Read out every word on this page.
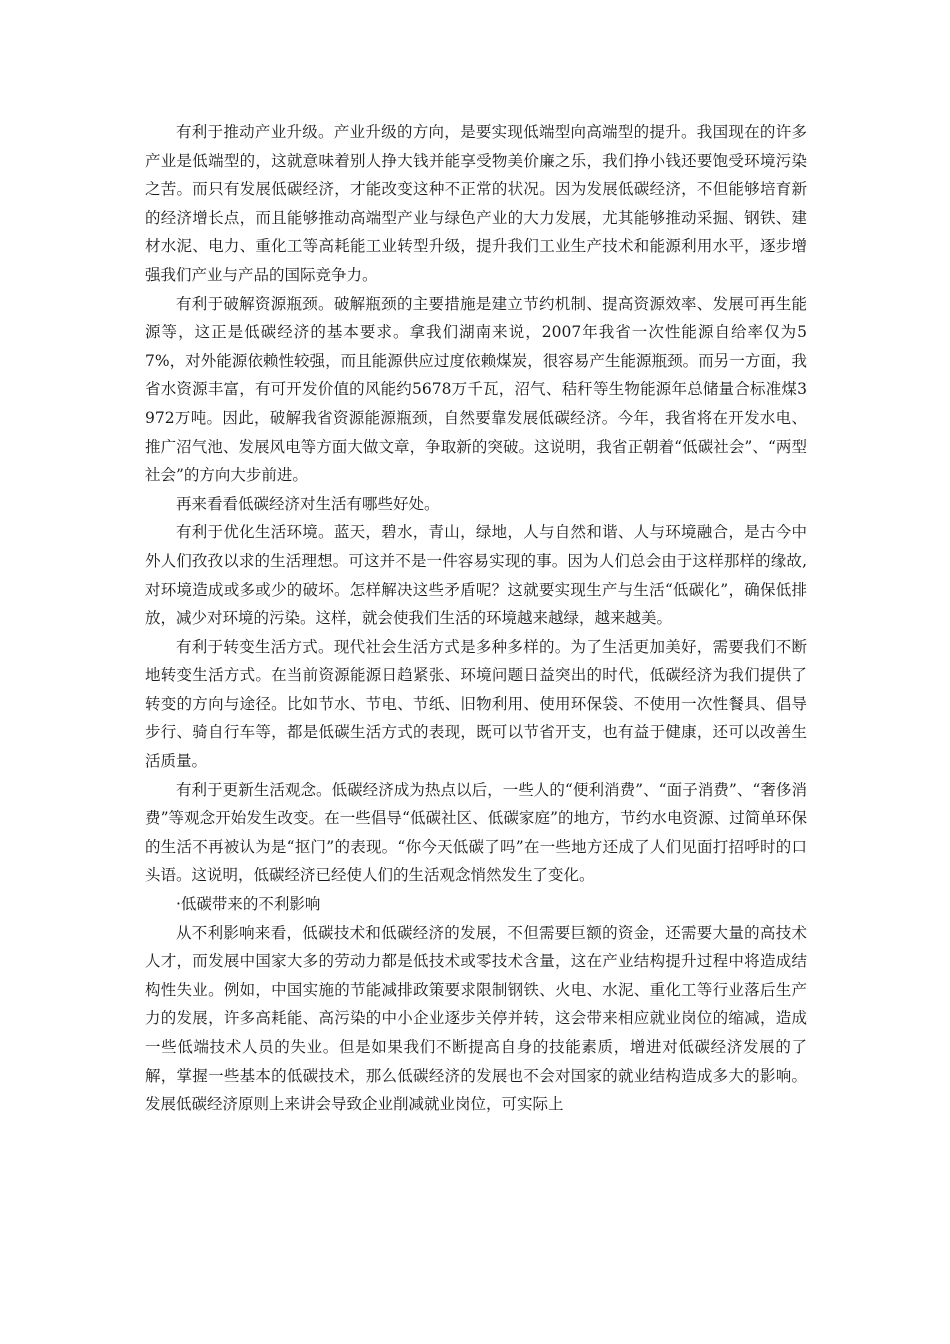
有利于推动产业升级。产业升级的方向，是要实现低端型向高端型的提升。我国现在的许多产业是低端型的，这就意味着别人挣大钱并能享受物美价廉之乐，我们挣小钱还要饱受环境污染之苦。而只有发展低碳经济，才能改变这种不正常的状况。因为发展低碳经济，不但能够培育新的经济增长点，而且能够推动高端型产业与绿色产业的大力发展，尤其能够推动采掘、钢铁、建材水泥、电力、重化工等高耗能工业转型升级，提升我们工业生产技术和能源利用水平，逐步增强我们产业与产品的国际竞争力。

有利于破解资源瓶颈。破解瓶颈的主要措施是建立节约机制、提高资源效率、发展可再生能源等，这正是低碳经济的基本要求。拿我们湖南来说，2007年我省一次性能源自给率仅为57%，对外能源依赖性较强，而且能源供应过度依赖煤炭，很容易产生能源瓶颈。而另一方面，我省水资源丰富，有可开发价值的风能约5678万千瓦，沼气、秸秆等生物能源年总储量合标准煤3972万吨。因此，破解我省资源能源瓶颈，自然要靠发展低碳经济。今年，我省将在开发水电、推广沼气池、发展风电等方面大做文章，争取新的突破。这说明，我省正朝着“低碳社会”、“两型社会”的方向大步前进。

再来看看低碳经济对生活有哪些好处。

有利于优化生活环境。蓝天，碧水，青山，绿地，人与自然和谐、人与环境融合，是古今中外人们孜孜以求的生活理想。可这并不是一件容易实现的事。因为人们总会由于这样那样的缘故,对环境造成或多或少的破坏。怎样解决这些矛盾呢？这就要实现生产与生活“低碳化”，确保低排放，减少对环境的污染。这样，就会使我们生活的环境越来越绿，越来越美。

有利于转变生活方式。现代社会生活方式是多种多样的。为了生活更加美好，需要我们不断地转变生活方式。在当前资源能源日趋紧张、环境问题日益突出的时代，低碳经济为我们提供了转变的方向与途径。比如节水、节电、节纸、旧物利用、使用环保袋、不使用一次性餐具、倡导步行、骑自行车等，都是低碳生活方式的表现，既可以节省开支，也有益于健康，还可以改善生活质量。

有利于更新生活观念。低碳经济成为热点以后，一些人的“便利消费”、“面子消费”、“奢侈消费”等观念开始发生改变。在一些倡导“低碳社区、低碳家庭”的地方，节约水电资源、过简单环保的生活不再被认为是“抠门”的表现。“你今天低碳了吗”在一些地方还成了人们见面打招呼时的口头语。这说明，低碳经济已经使人们的生活观念悄然发生了变化。

·低碳带来的不利影响

从不利影响来看，低碳技术和低碳经济的发展，不但需要巨额的资金，还需要大量的高技术人才，而发展中国家大多的劳动力都是低技术或零技术含量，这在产业结构提升过程中将造成结构性失业。例如，中国实施的节能减排政策要求限制钢铁、火电、水泥、重化工等行业落后生产力的发展，许多高耗能、高污染的中小企业逐步关停并转，这会带来相应就业岗位的缩减，造成一些低端技术人员的失业。但是如果我们不断提高自身的技能素质，增进对低碳经济发展的了解，掌握一些基本的低碳技术，那么低碳经济的发展也不会对国家的就业结构造成多大的影响。 发展低碳经济原则上来讲会导致企业削减就业岗位，可实际上
